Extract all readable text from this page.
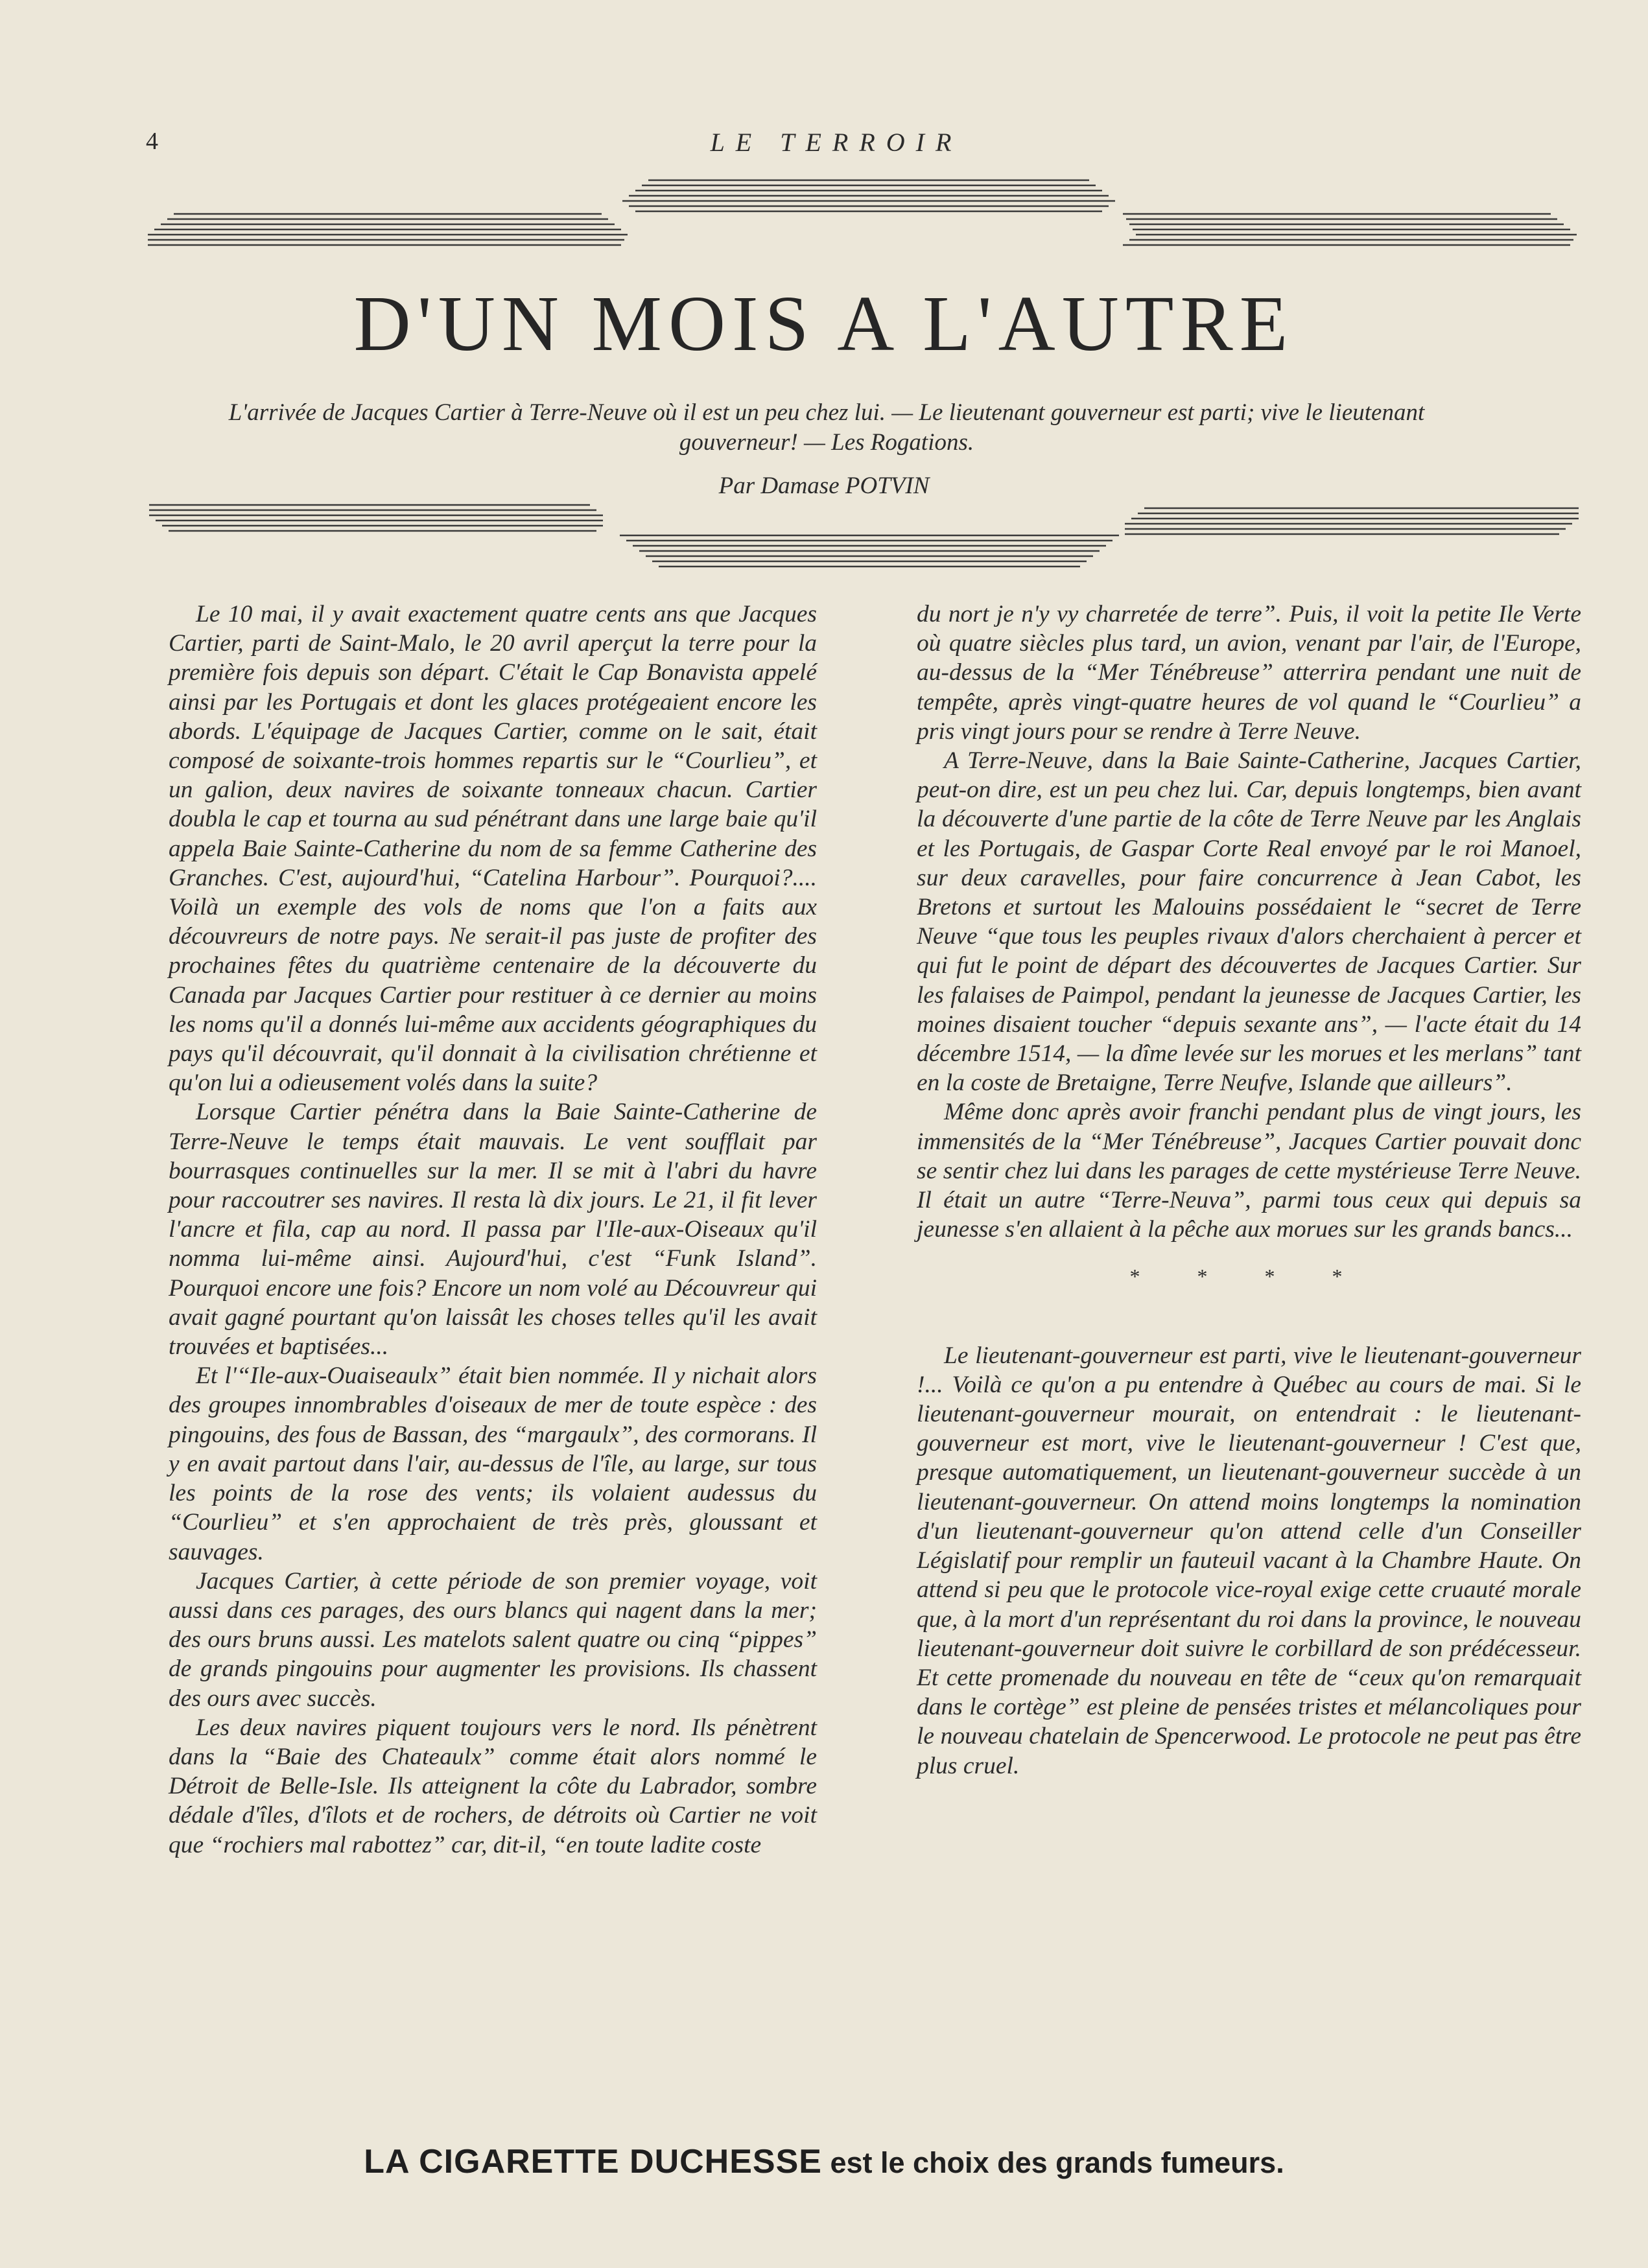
4	LE TERROIR
D'UN MOIS A L'AUTRE
L'arrivée de Jacques Cartier à Terre-Neuve où il est un peu chez lui. — Le lieutenant gouverneur est parti; vive le lieutenant gouverneur! — Les Rogations.
Par Damase POTVIN

Le 10 mai, il y avait exactement quatre cents ans que Jacques Cartier, parti de Saint-Malo, le 20 avril aperçut la terre pour la première fois depuis son départ. C'était le Cap Bonavista appelé ainsi par les Portugais et dont les glaces protégeaient encore les abords. L'équipage de Jacques Cartier, comme on le sait, était composé de soixante-trois hommes repartis sur le “Courlieu”, et un galion, deux navires de soixante tonneaux chacun. Cartier doubla le cap et tourna au sud pénétrant dans une large baie qu'il appela Baie Sainte-Catherine du nom de sa femme Catherine des Granches. C'est, aujourd'hui, “Catelina Harbour”. Pourquoi?.... Voilà un exemple des vols de noms que l'on a faits aux découvreurs de notre pays. Ne serait-il pas juste de profiter des prochaines fêtes du quatrième centenaire de la découverte du Canada par Jacques Cartier pour restituer à ce dernier au moins les noms qu'il a donnés lui-même aux accidents géographiques du pays qu'il découvrait, qu'il donnait à la civilisation chrétienne et qu'on lui a odieusement volés dans la suite?

Lorsque Cartier pénétra dans la Baie Sainte-Catherine de Terre-Neuve le temps était mauvais. Le vent soufflait par bourrasques continuelles sur la mer. Il se mit à l'abri du havre pour raccoutrer ses navires. Il resta là dix jours. Le 21, il fit lever l'ancre et fila, cap au nord. Il passa par l'Ile-aux-Oiseaux qu'il nomma lui-même ainsi. Aujourd'hui, c'est “Funk Island”. Pourquoi encore une fois? Encore un nom volé au Découvreur qui avait gagné pourtant qu'on laissât les choses telles qu'il les avait trouvées et baptisées...

Et l'“Ile-aux-Ouaiseaulx” était bien nommée. Il y nichait alors des groupes innombrables d'oiseaux de mer de toute espèce : des pingouins, des fous de Bassan, des “margaulx”, des cormorans. Il y en avait partout dans l'air, au-dessus de l'île, au large, sur tous les points de la rose des vents; ils volaient audessus du “Courlieu” et s'en approchaient de très près, gloussant et sauvages.

Jacques Cartier, à cette période de son premier voyage, voit aussi dans ces parages, des ours blancs qui nagent dans la mer; des ours bruns aussi. Les matelots salent quatre ou cinq “pippes” de grands pingouins pour augmenter les provisions. Ils chassent des ours avec succès.

Les deux navires piquent toujours vers le nord. Ils pénètrent dans la “Baie des Chateaulx” comme était alors nommé le Détroit de Belle-Isle. Ils atteignent la côte du Labrador, sombre dédale d'îles, d'îlots et de rochers, de détroits où Cartier ne voit que “rochiers mal rabottez” car, dit-il, “en toute ladite coste

du nort je n'y vy charretée de terre”. Puis, il voit la petite Ile Verte où quatre siècles plus tard, un avion, venant par l'air, de l'Europe, au-dessus de la “Mer Ténébreuse” atterrira pendant une nuit de tempête, après vingt-quatre heures de vol quand le “Courlieu” a pris vingt jours pour se rendre à Terre Neuve.

A Terre-Neuve, dans la Baie Sainte-Catherine, Jacques Cartier, peut-on dire, est un peu chez lui. Car, depuis longtemps, bien avant la découverte d'une partie de la côte de Terre Neuve par les Anglais et les Portugais, de Gaspar Corte Real envoyé par le roi Manoel, sur deux caravelles, pour faire concurrence à Jean Cabot, les Bretons et surtout les Malouins possédaient le “secret de Terre Neuve “que tous les peuples rivaux d'alors cherchaient à percer et qui fut le point de départ des découvertes de Jacques Cartier. Sur les falaises de Paimpol, pendant la jeunesse de Jacques Cartier, les moines disaient toucher “depuis sexante ans”, — l'acte était du 14 décembre 1514, — la dîme levée sur les morues et les merlans” tant en la coste de Bretaigne, Terre Neufve, Islande que ailleurs”.

Même donc après avoir franchi pendant plus de vingt jours, les immensités de la “Mer Ténébreuse”, Jacques Cartier pouvait donc se sentir chez lui dans les parages de cette mystérieuse Terre Neuve. Il était un autre “Terre-Neuva”, parmi tous ceux qui depuis sa jeunesse s'en allaient à la pêche aux morues sur les grands bancs...

* * * *

Le lieutenant-gouverneur est parti, vive le lieutenant-gouverneur !... Voilà ce qu'on a pu entendre à Québec au cours de mai. Si le lieutenant-gouverneur mourait, on entendrait : le lieutenant-gouverneur est mort, vive le lieutenant-gouverneur ! C'est que, presque automatiquement, un lieutenant-gouverneur succède à un lieutenant-gouverneur. On attend moins longtemps la nomination d'un lieutenant-gouverneur qu'on attend celle d'un Conseiller Législatif pour remplir un fauteuil vacant à la Chambre Haute. On attend si peu que le protocole vice-royal exige cette cruauté morale que, à la mort d'un représentant du roi dans la province, le nouveau lieutenant-gouverneur doit suivre le corbillard de son prédécesseur. Et cette promenade du nouveau en tête de “ceux qu'on remarquait dans le cortège” est pleine de pensées tristes et mélancoliques pour le nouveau chatelain de Spencerwood. Le protocole ne peut pas être plus cruel.

LA CIGARETTE DUCHESSE est le choix des grands fumeurs.
